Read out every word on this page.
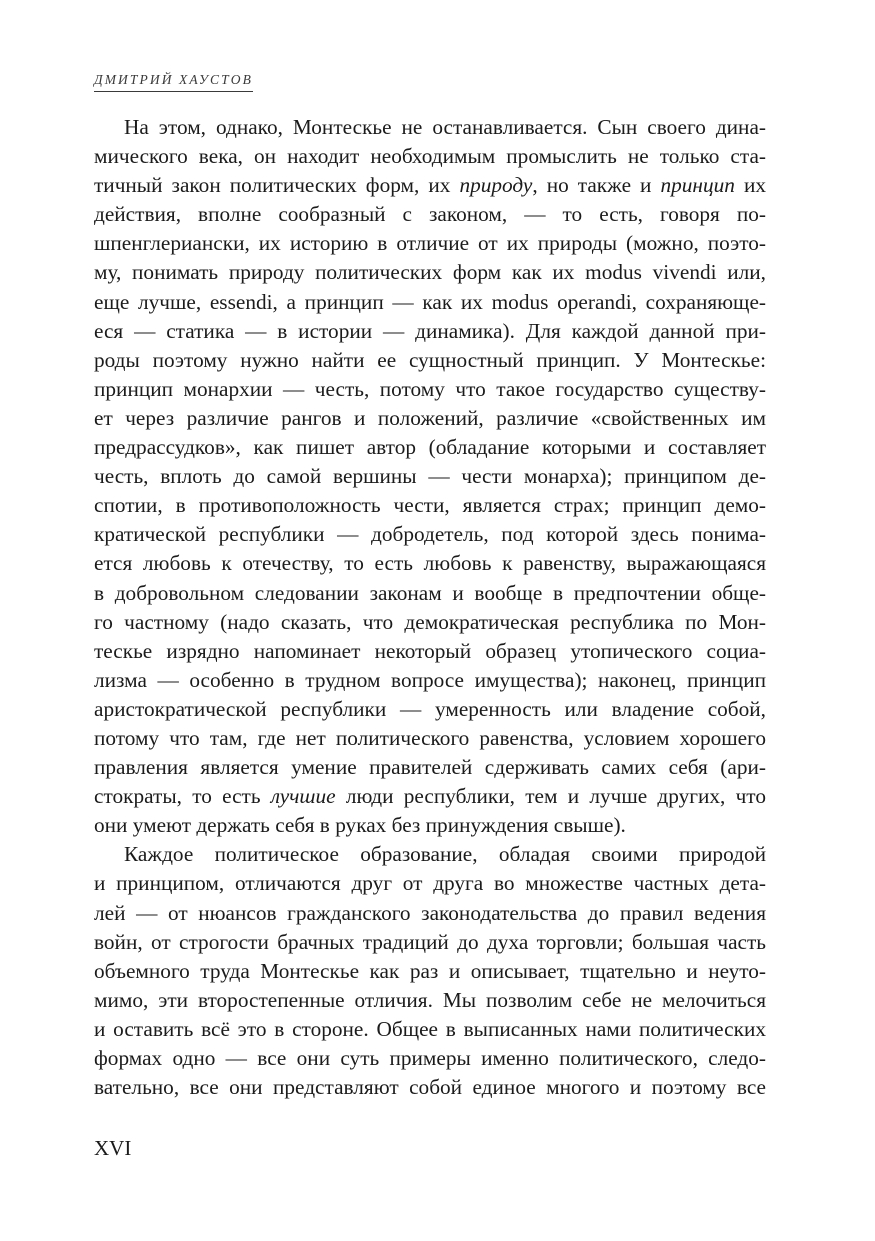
ДМИТРИЙ ХАУСТОВ
На этом, однако, Монтескье не останавливается. Сын своего дина-
мического века, он находит необходимым промыслить не только ста-
тичный закон политических форм, их природу, но также и принцип их
действия, вполне сообразный с законом, — то есть, говоря по-
шпенглериански, их историю в отличие от их природы (можно, поэто-
му, понимать природу политических форм как их modus vivendi или,
еще лучше, essendi, а принцип — как их modus operandi, сохраняюще-
еся — статика — в истории — динамика). Для каждой данной при-
роды поэтому нужно найти ее сущностный принцип. У Монтескье:
принцип монархии — честь, потому что такое государство существу-
ет через различие рангов и положений, различие «свойственных им
предрассудков», как пишет автор (обладание которыми и составляет
честь, вплоть до самой вершины — чести монарха); принципом де-
спотии, в противоположность чести, является страх; принцип демо-
кратической республики — добродетель, под которой здесь понима-
ется любовь к отечеству, то есть любовь к равенству, выражающаяся
в добровольном следовании законам и вообще в предпочтении обще-
го частному (надо сказать, что демократическая республика по Мон-
тескье изрядно напоминает некоторый образец утопического социа-
лизма — особенно в трудном вопросе имущества); наконец, принцип
аристократической республики — умеренность или владение собой,
потому что там, где нет политического равенства, условием хорошего
правления является умение правителей сдерживать самих себя (ари-
стократы, то есть лучшие люди республики, тем и лучше других, что
они умеют держать себя в руках без принуждения свыше).
Каждое политическое образование, обладая своими природой
и принципом, отличаются друг от друга во множестве частных дета-
лей — от нюансов гражданского законодательства до правил ведения
войн, от строгости брачных традиций до духа торговли; большая часть
объемного труда Монтескье как раз и описывает, тщательно и неуто-
мимо, эти второстепенные отличия. Мы позволим себе не мелочиться
и оставить всё это в стороне. Общее в выписанных нами политических
формах одно — все они суть примеры именно политического, следо-
вательно, все они представляют собой единое многого и поэтому все
XVI
